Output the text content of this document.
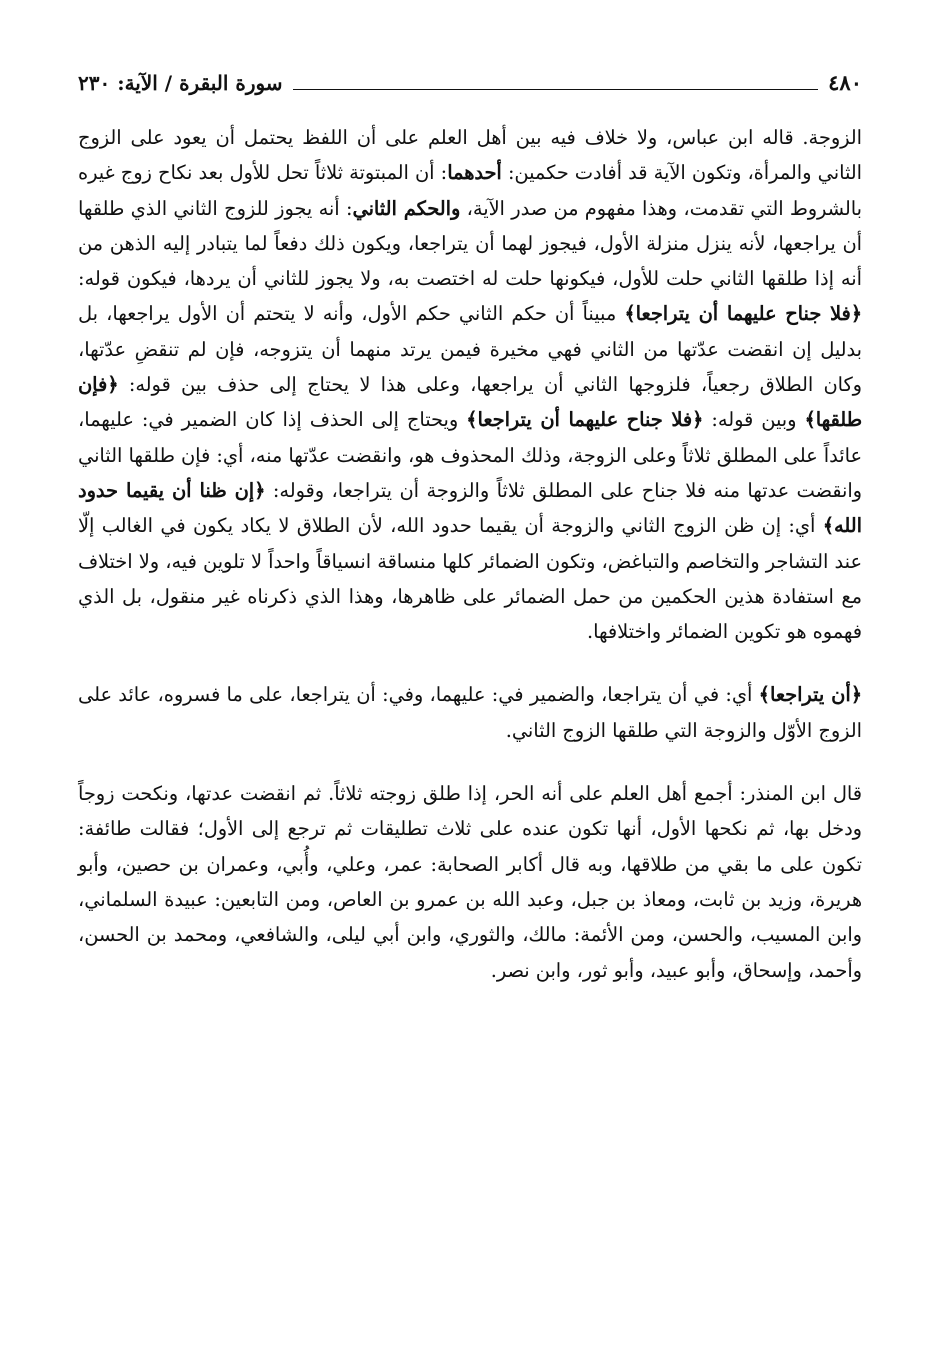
٤٨٠
سورة البقرة / الآية: ٢٣٠

الزوجة. قاله ابن عباس، ولا خلاف فيه بين أهل العلم على أن اللفظ يحتمل أن يعود على الزوج الثاني والمرأة، وتكون الآية قد أفادت حكمين: أحدهما: أن المبتوتة ثلاثاً تحل للأول بعد نكاح زوج غيره بالشروط التي تقدمت، وهذا مفهوم من صدر الآية، والحكم الثاني: أنه يجوز للزوج الثاني الذي طلقها أن يراجعها، لأنه ينزل منزلة الأول، فيجوز لهما أن يتراجعا، ويكون ذلك دفعاً لما يتبادر إليه الذهن من أنه إذا طلقها الثاني حلت للأول، فيكونها حلت له اختصت به، ولا يجوز للثاني أن يردها، فيكون قوله: ﴿فلا جناح عليهما أن يتراجعا﴾ مبيناً أن حكم الثاني حكم الأول، وأنه لا يتحتم أن الأول يراجعها، بل بدليل إن انقضت عدّتها من الثاني فهي مخيرة فيمن يرتد منهما أن يتزوجه، فإن لم تنقضِ عدّتها، وكان الطلاق رجعياً، فلزوجها الثاني أن يراجعها، وعلى هذا لا يحتاج إلى حذف بين قوله: ﴿فإن طلقها﴾ وبين قوله: ﴿فلا جناح عليهما أن يتراجعا﴾ ويحتاج إلى الحذف إذا كان الضمير في: عليهما، عائداً على المطلق ثلاثاً وعلى الزوجة، وذلك المحذوف هو، وانقضت عدّتها منه، أي: فإن طلقها الثاني وانقضت عدتها منه فلا جناح على المطلق ثلاثاً والزوجة أن يتراجعا، وقوله: ﴿إن ظنا أن يقيما حدود الله﴾ أي: إن ظن الزوج الثاني والزوجة أن يقيما حدود الله، لأن الطلاق لا يكاد يكون في الغالب إلّا عند التشاجر والتخاصم والتباغض، وتكون الضمائر كلها منساقة انسياقاً واحداً لا تلوين فيه، ولا اختلاف مع استفادة هذين الحكمين من حمل الضمائر على ظاهرها، وهذا الذي ذكرناه غير منقول، بل الذي فهموه هو تكوين الضمائر واختلافها.

﴿أن يتراجعا﴾ أي: في أن يتراجعا، والضمير في: عليهما، وفي: أن يتراجعا، على ما فسروه، عائد على الزوج الأوّل والزوجة التي طلقها الزوج الثاني.

قال ابن المنذر: أجمع أهل العلم على أنه الحر، إذا طلق زوجته ثلاثاً. ثم انقضت عدتها، ونكحت زوجاً ودخل بها، ثم نكحها الأول، أنها تكون عنده على ثلاث تطليقات ثم ترجع إلى الأول؛ فقالت طائفة: تكون على ما بقي من طلاقها، وبه قال أكابر الصحابة: عمر، وعلي، وأُبي، وعمران بن حصين، وأبو هريرة، وزيد بن ثابت، ومعاذ بن جبل، وعبد الله بن عمرو بن العاص، ومن التابعين: عبيدة السلماني، وابن المسيب، والحسن، ومن الأئمة: مالك، والثوري، وابن أبي ليلى، والشافعي، ومحمد بن الحسن، وأحمد، وإسحاق، وأبو عبيد، وأبو ثور، وابن نصر.
